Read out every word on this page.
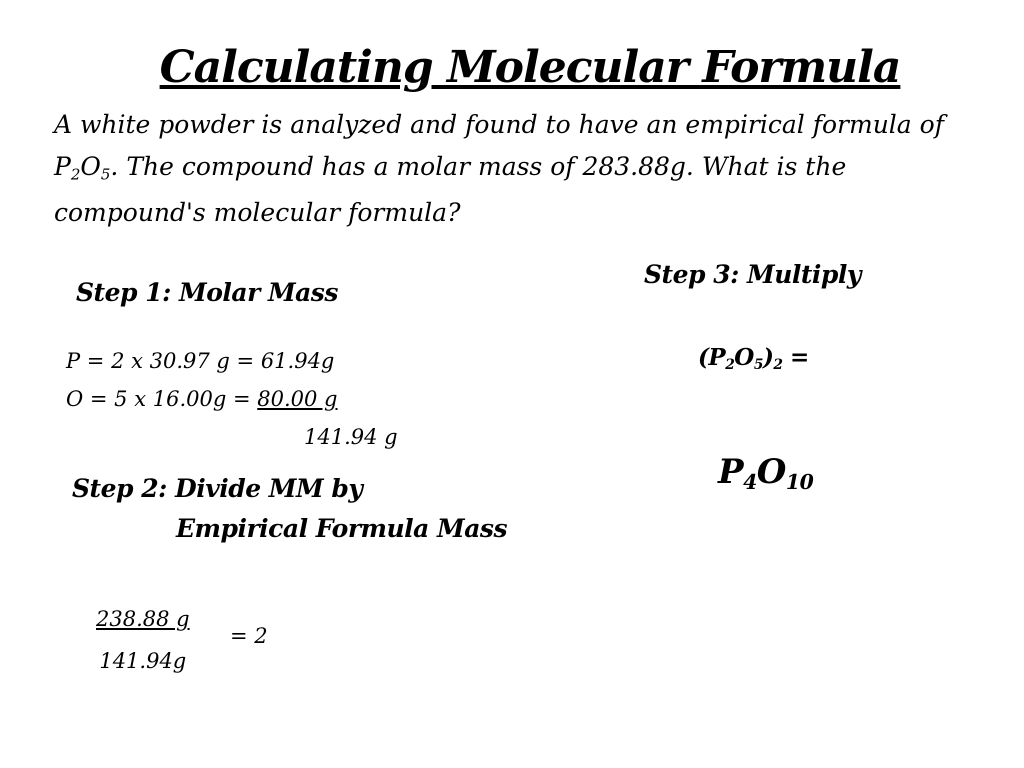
Calculating Molecular Formula
A white powder is analyzed and found to have an empirical formula of
$P_2O_5$. The compound has a molar mass of 283.88g. What is the
compound's molecular formula?
Step 1: Molar Mass
P = 2 x 30.97 g = 61.94g
O = 5 x 16.00g = 80.00 g
141.94 g
Step 2: Divide MM by
Empirical Formula Mass
$\frac{238.88 g}{141.94g} = 2$
Step 3: Multiply
$(P_2O_5)_2$ =
$P_4O_{10}$
